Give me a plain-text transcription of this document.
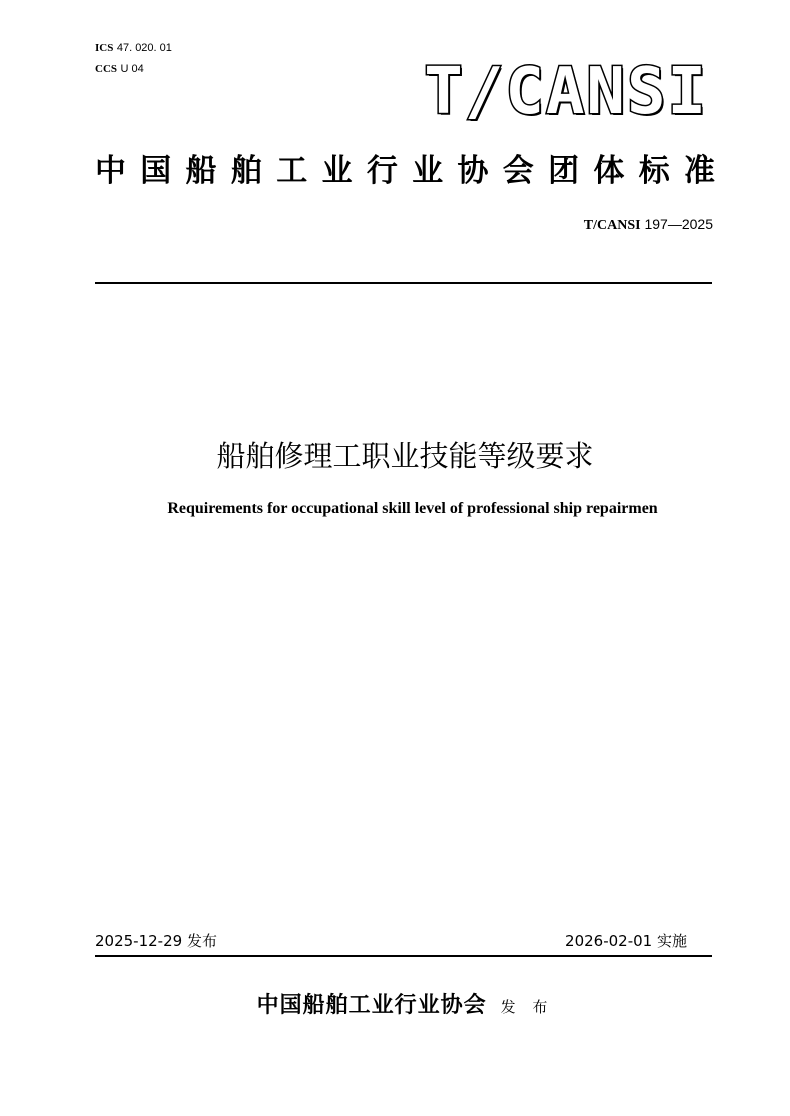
ICS 47. 020. 01
CCS U 04	T/CANSI
中国船舶工业行业协会团体标准
T/CANSI 197—2025
船舶修理工职业技能等级要求
Requirements for occupational skill level of professional ship repairmen
2025-12-29 发布	2026-02-01 实施
中国船舶工业行业协会 发 布
